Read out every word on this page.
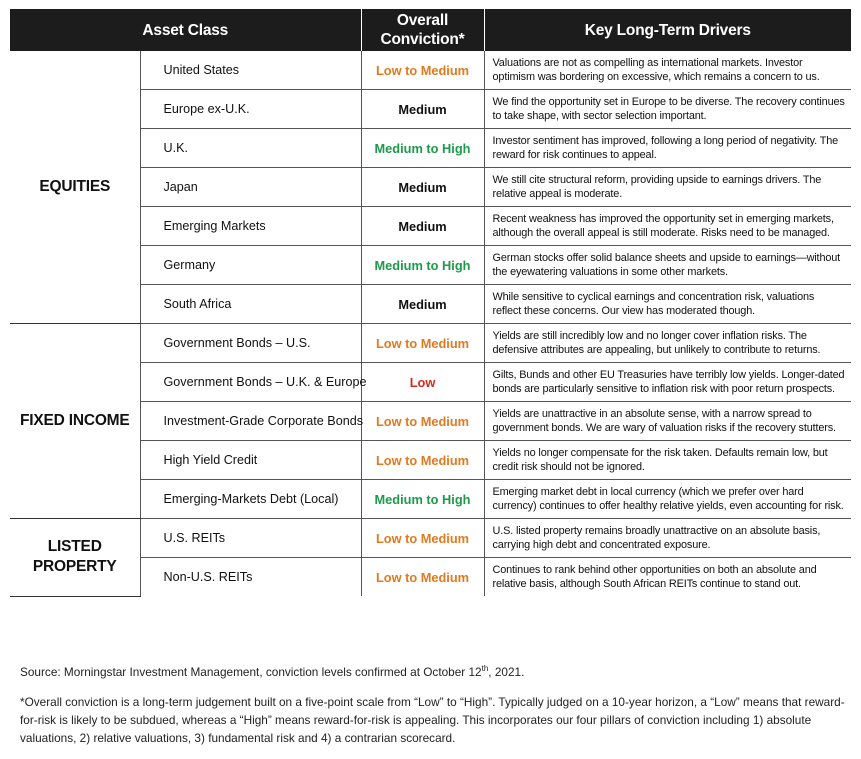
Asset Class		Overall
Conviction*	Key Long-Term Drivers
EQUITIES	United States	Low to Medium	Valuations are not as compelling as international markets. Investor optimism was bordering on excessive, which remains a concern to us.
	Europe ex-U.K.	Medium	We find the opportunity set in Europe to be diverse. The recovery continues to take shape, with sector selection important.
	U.K.	Medium to High	Investor sentiment has improved, following a long period of negativity. The reward for risk continues to appeal.
	Japan	Medium	We still cite structural reform, providing upside to earnings drivers. The relative appeal is moderate.
	Emerging Markets	Medium	Recent weakness has improved the opportunity set in emerging markets, although the overall appeal is still moderate. Risks need to be managed.
	Germany	Medium to High	German stocks offer solid balance sheets and upside to earnings—without the eyewatering valuations in some other markets.
	South Africa	Medium	While sensitive to cyclical earnings and concentration risk, valuations reflect these concerns. Our view has moderated though.
FIXED INCOME	Government Bonds – U.S.	Low to Medium	Yields are still incredibly low and no longer cover inflation risks. The defensive attributes are appealing, but unlikely to contribute to returns.
	Government Bonds – U.K. & Europe	Low	Gilts, Bunds and other EU Treasuries have terribly low yields. Longer-dated bonds are particularly sensitive to inflation risk with poor return prospects.
	Investment-Grade Corporate Bonds	Low to Medium	Yields are unattractive in an absolute sense, with a narrow spread to government bonds. We are wary of valuation risks if the recovery stutters.
	High Yield Credit	Low to Medium	Yields no longer compensate for the risk taken. Defaults remain low, but credit risk should not be ignored.
	Emerging-Markets Debt (Local)	Medium to High	Emerging market debt in local currency (which we prefer over hard currency) continues to offer healthy relative yields, even accounting for risk.
LISTED
PROPERTY	U.S. REITs	Low to Medium	U.S. listed property remains broadly unattractive on an absolute basis, carrying high debt and concentrated exposure.
	Non-U.S. REITs	Low to Medium	Continues to rank behind other opportunities on both an absolute and relative basis, although South African REITs continue to stand out.

Source: Morningstar Investment Management, conviction levels confirmed at October 12th, 2021.

*Overall conviction is a long-term judgement built on a five-point scale from “Low” to “High”. Typically judged on a 10-year horizon, a “Low” means that reward-for-risk is likely to be subdued, whereas a “High” means reward-for-risk is appealing. This incorporates our four pillars of conviction including 1) absolute valuations, 2) relative valuations, 3) fundamental risk and 4) a contrarian scorecard.
